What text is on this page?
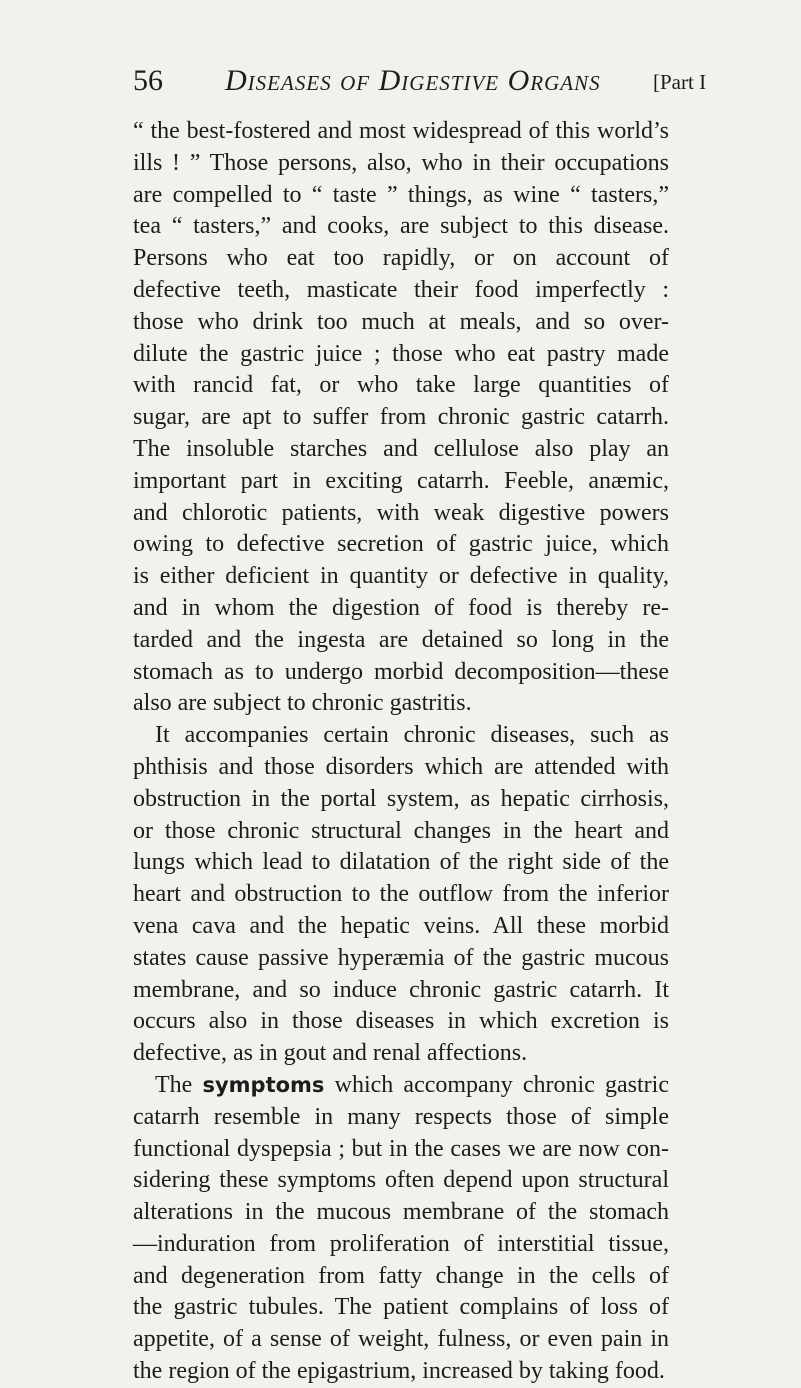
56 Diseases of Digestive Organs [Part I
“ the best-fostered and most widespread of this world’s
ills ! ” Those persons, also, who in their occupations
are compelled to “ taste ” things, as wine “ tasters,”
tea “ tasters,” and cooks, are subject to this disease.
Persons who eat too rapidly, or on account of
defective teeth, masticate their food imperfectly :
those who drink too much at meals, and so over-
dilute the gastric juice ; those who eat pastry made
with rancid fat, or who take large quantities of
sugar, are apt to suffer from chronic gastric catarrh.
The insoluble starches and cellulose also play an
important part in exciting catarrh. Feeble, anæmic,
and chlorotic patients, with weak digestive powers
owing to defective secretion of gastric juice, which
is either deficient in quantity or defective in quality,
and in whom the digestion of food is thereby re-
tarded and the ingesta are detained so long in the
stomach as to undergo morbid decomposition—these
also are subject to chronic gastritis.
It accompanies certain chronic diseases, such as
phthisis and those disorders which are attended with
obstruction in the portal system, as hepatic cirrhosis,
or those chronic structural changes in the heart and
lungs which lead to dilatation of the right side of the
heart and obstruction to the outflow from the inferior
vena cava and the hepatic veins. All these morbid
states cause passive hyperæmia of the gastric mucous
membrane, and so induce chronic gastric catarrh. It
occurs also in those diseases in which excretion is
defective, as in gout and renal affections.
The symptoms which accompany chronic gastric
catarrh resemble in many respects those of simple
functional dyspepsia ; but in the cases we are now con-
sidering these symptoms often depend upon structural
alterations in the mucous membrane of the stomach
—induration from proliferation of interstitial tissue,
and degeneration from fatty change in the cells of
the gastric tubules. The patient complains of loss of
appetite, of a sense of weight, fulness, or even pain in
the region of the epigastrium, increased by taking food.
